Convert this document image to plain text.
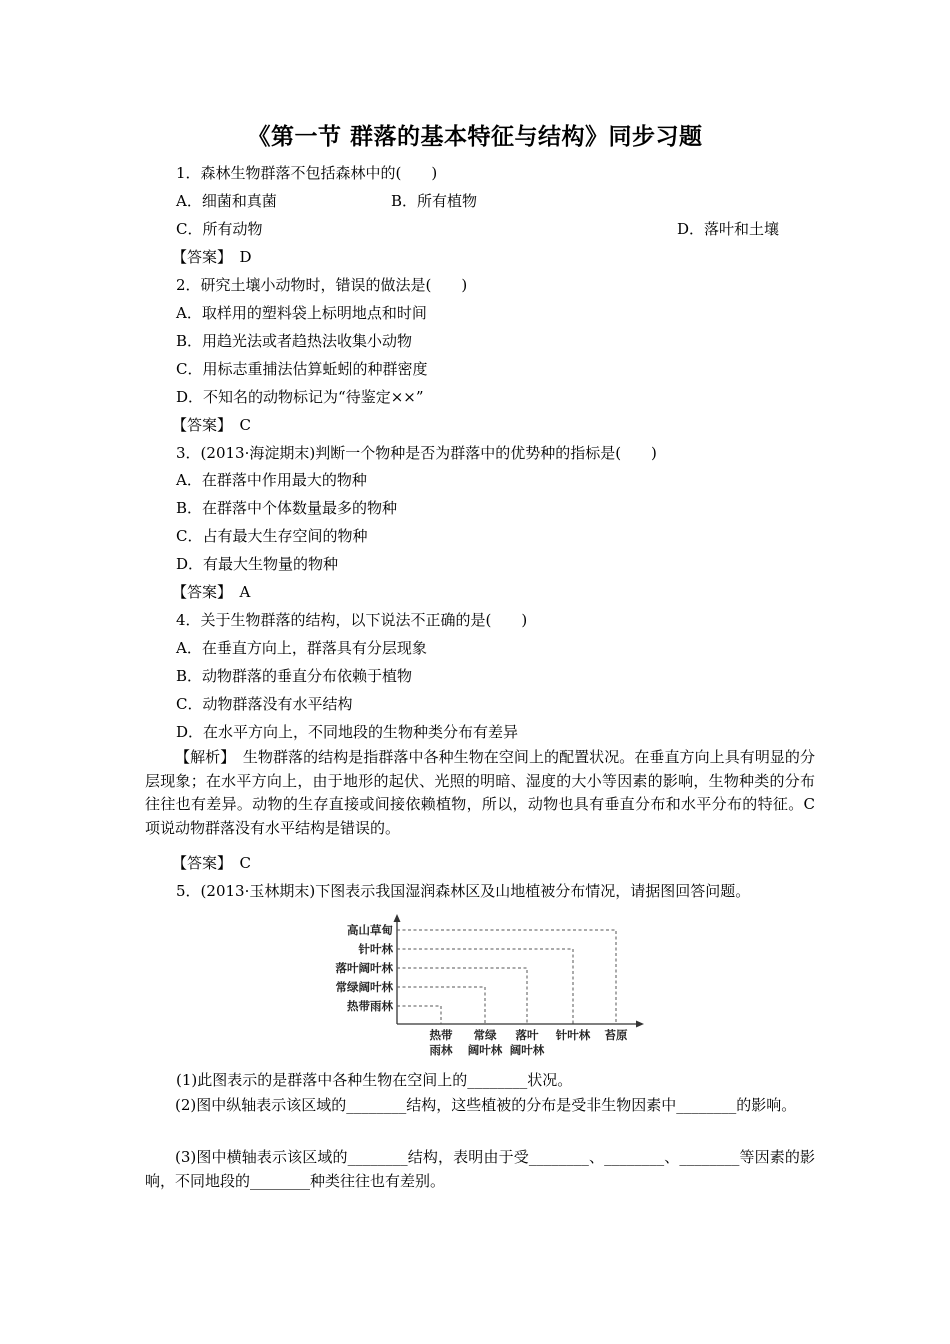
《第一节 群落的基本特征与结构》同步习题
1．森林生物群落不包括森林中的(　　)
A．细菌和真菌	B．所有植物
C．所有动物	D．落叶和土壤
【答案】　D
2．研究土壤小动物时，错误的做法是(　　)
A．取样用的塑料袋上标明地点和时间
B．用趋光法或者趋热法收集小动物
C．用标志重捕法估算蚯蚓的种群密度
D．不知名的动物标记为“待鉴定××”
【答案】　C
3．(2013·海淀期末)判断一个物种是否为群落中的优势种的指标是(　　)
A．在群落中作用最大的物种
B．在群落中个体数量最多的物种
C．占有最大生存空间的物种
D．有最大生物量的物种
【答案】　A
4．关于生物群落的结构，以下说法不正确的是(　　)
A．在垂直方向上，群落具有分层现象
B．动物群落的垂直分布依赖于植物
C．动物群落没有水平结构
D．在水平方向上，不同地段的生物种类分布有差异
【解析】　生物群落的结构是指群落中各种生物在空间上的配置状况。在垂直方向上具有明显的分层现象；在水平方向上，由于地形的起伏、光照的明暗、湿度的大小等因素的影响，生物种类的分布往往也有差异。动物的生存直接或间接依赖植物，所以，动物也具有垂直分布和水平分布的特征。C项说动物群落没有水平结构是错误的。
【答案】　C
5．(2013·玉林期末)下图表示我国湿润森林区及山地植被分布情况，请据图回答问题。
高山草甸
针叶林
落叶阔叶林
常绿阔叶林
热带雨林
热带
雨林
常绿
阔叶林
落叶
阔叶林
针叶林 苔原
(1)此图表示的是群落中各种生物在空间上的________状况。
(2)图中纵轴表示该区域的________结构，这些植被的分布是受非生物因素中________的影响。
(3)图中横轴表示该区域的________结构，表明由于受________、________、________等因素的影响，不同地段的________种类往往也有差别。
